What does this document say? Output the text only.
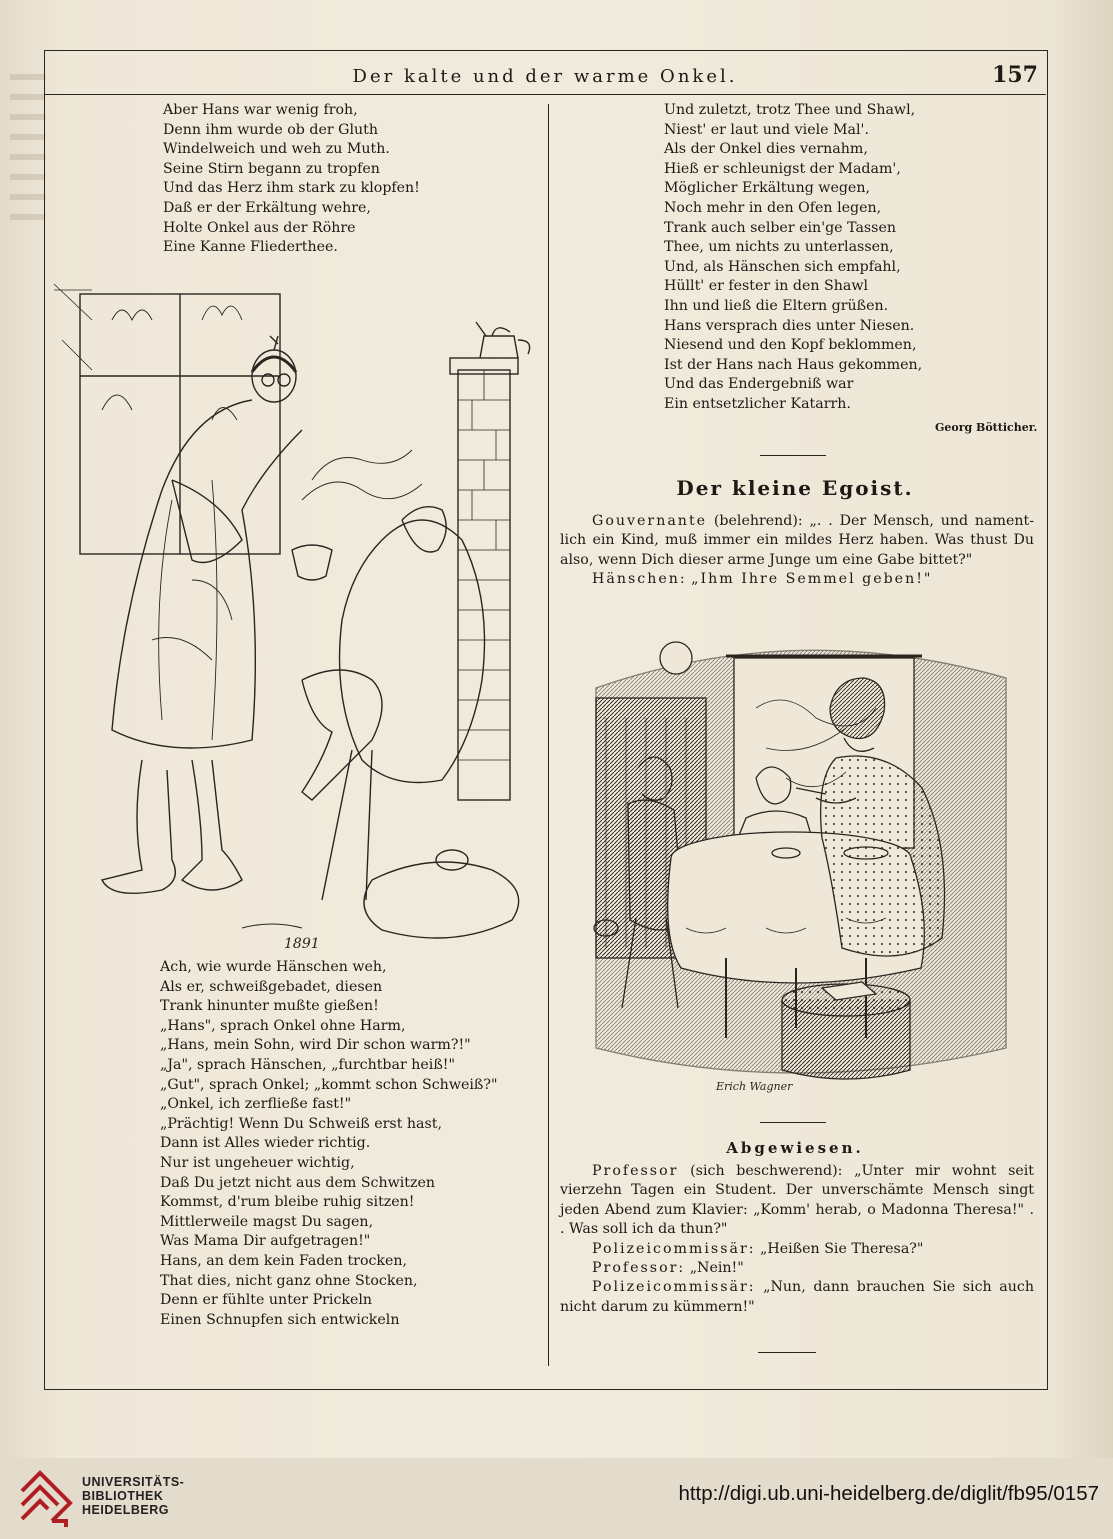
Der kalte und der warme Onkel.	157
Aber Hans war wenig froh,
Denn ihm wurde ob der Gluth
Windelweich und weh zu Muth.
Seine Stirn begann zu tropfen
Und das Herz ihm stark zu klopfen!
Daß er der Erkältung wehre,
Holte Onkel aus der Röhre
Eine Kanne Fliederthee.
1891
Ach, wie wurde Hänschen weh,
Als er, schweißgebadet, diesen
Trank hinunter mußte gießen!
„Hans", sprach Onkel ohne Harm,
„Hans, mein Sohn, wird Dir schon warm?!"
„Ja", sprach Hänschen, „furchtbar heiß!"
„Gut", sprach Onkel; „kommt schon Schweiß?"
„Onkel, ich zerfließe fast!"
„Prächtig! Wenn Du Schweiß erst hast,
Dann ist Alles wieder richtig.
Nur ist ungeheuer wichtig,
Daß Du jetzt nicht aus dem Schwitzen
Kommst, d'rum bleibe ruhig sitzen!
Mittlerweile magst Du sagen,
Was Mama Dir aufgetragen!"
Hans, an dem kein Faden trocken,
That dies, nicht ganz ohne Stocken,
Denn er fühlte unter Prickeln
Einen Schnupfen sich entwickeln
Und zuletzt, trotz Thee und Shawl,
Niest' er laut und viele Mal'.
Als der Onkel dies vernahm,
Hieß er schleunigst der Madam',
Möglicher Erkältung wegen,
Noch mehr in den Ofen legen,
Trank auch selber ein'ge Tassen
Thee, um nichts zu unterlassen,
Und, als Hänschen sich empfahl,
Hüllt' er fester in den Shawl
Ihn und ließ die Eltern grüßen.
Hans versprach dies unter Niesen.
Niesend und den Kopf beklommen,
Ist der Hans nach Haus gekommen,
Und das Endergebniß war
Ein entsetzlicher Katarrh.
Georg Bötticher.
Der kleine Egoist.

Gouvernante (belehrend): „. . Der Mensch, und nament- lich ein Kind, muß immer ein mildes Herz haben. Was thust Du also, wenn Dich dieser arme Junge um eine Gabe bittet?"

Hänschen: „Ihm Ihre Semmel geben!"

Erich Wagner
Abgewiesen.

Professor (sich beschwerend): „Unter mir wohnt seit vierzehn Tagen ein Student. Der unverschämte Mensch singt jeden Abend zum Klavier: „Komm' herab, o Madonna Theresa!" . . Was soll ich da thun?"

Polizeicommissär: „Heißen Sie Theresa?"

Professor: „Nein!"

Polizeicommissär: „Nun, dann brauchen Sie sich auch nicht darum zu kümmern!"

UNIVERSITÄTS-
BIBLIOTHEK
HEIDELBERG
http://digi.ub.uni-heidelberg.de/diglit/fb95/0157
